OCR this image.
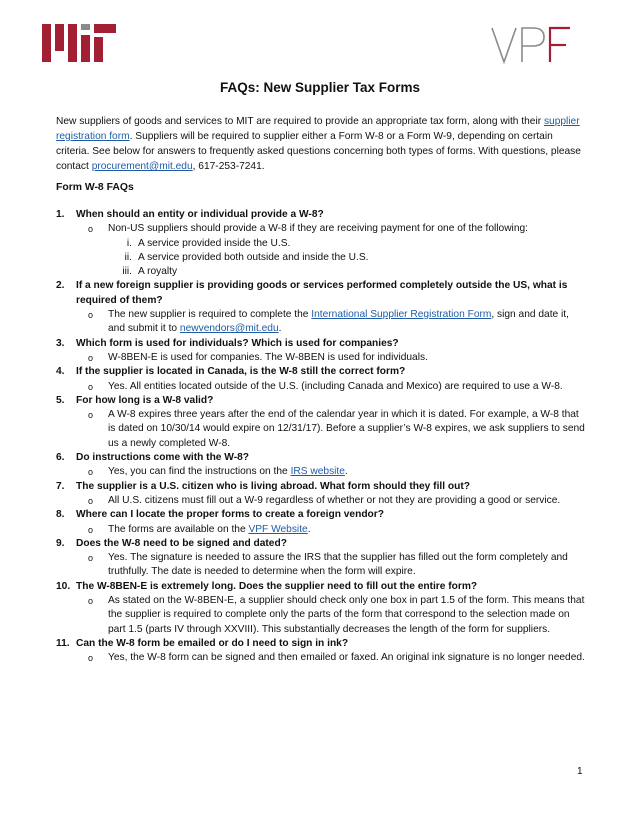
FAQs: New Supplier Tax Forms
New suppliers of goods and services to MIT are required to provide an appropriate tax form, along with their supplier registration form. Suppliers will be required to supplier either a Form W-8 or a Form W-9, depending on certain criteria. See below for answers to frequently asked questions concerning both types of forms. With questions, please contact procurement@mit.edu, 617-253-7241.
Form W-8 FAQs
1.	When should an entity or individual provide a W-8?
o	Non-US suppliers should provide a W-8 if they are receiving payment for one of the following:
i. A service provided inside the U.S.
ii. A service provided both outside and inside the U.S.
iii. A royalty
2.	If a new foreign supplier is providing goods or services performed completely outside the US, what is required of them?
o	The new supplier is required to complete the International Supplier Registration Form, sign and date it, and submit it to newvendors@mit.edu.
3.	Which form is used for individuals? Which is used for companies?
o	W-8BEN-E is used for companies. The W-8BEN is used for individuals.
4.	If the supplier is located in Canada, is the W-8 still the correct form?
o	Yes. All entities located outside of the U.S. (including Canada and Mexico) are required to use a W-8.
5.	For how long is a W-8 valid?
o	A W-8 expires three years after the end of the calendar year in which it is dated. For example, a W-8 that is dated on 10/30/14 would expire on 12/31/17). Before a supplier’s W-8 expires, we ask suppliers to send us a newly completed W-8.
6.	Do instructions come with the W-8?
o	Yes, you can find the instructions on the IRS website.
7.	The supplier is a U.S. citizen who is living abroad. What form should they fill out?
o	All U.S. citizens must fill out a W-9 regardless of whether or not they are providing a good or service.
8.	Where can I locate the proper forms to create a foreign vendor?
o	The forms are available on the VPF Website.
9.	Does the W-8 need to be signed and dated?
o	Yes. The signature is needed to assure the IRS that the supplier has filled out the form completely and truthfully. The date is needed to determine when the form will expire.
10. The W-8BEN-E is extremely long. Does the supplier need to fill out the entire form?
o	As stated on the W-8BEN-E, a supplier should check only one box in part 1.5 of the form. This means that the supplier is required to complete only the parts of the form that correspond to the selection made on part 1.5 (parts IV through XXVIII). This substantially decreases the length of the form for suppliers.
11. Can the W-8 form be emailed or do I need to sign in ink?
o	Yes, the W-8 form can be signed and then emailed or faxed. An original ink signature is no longer needed.
1
